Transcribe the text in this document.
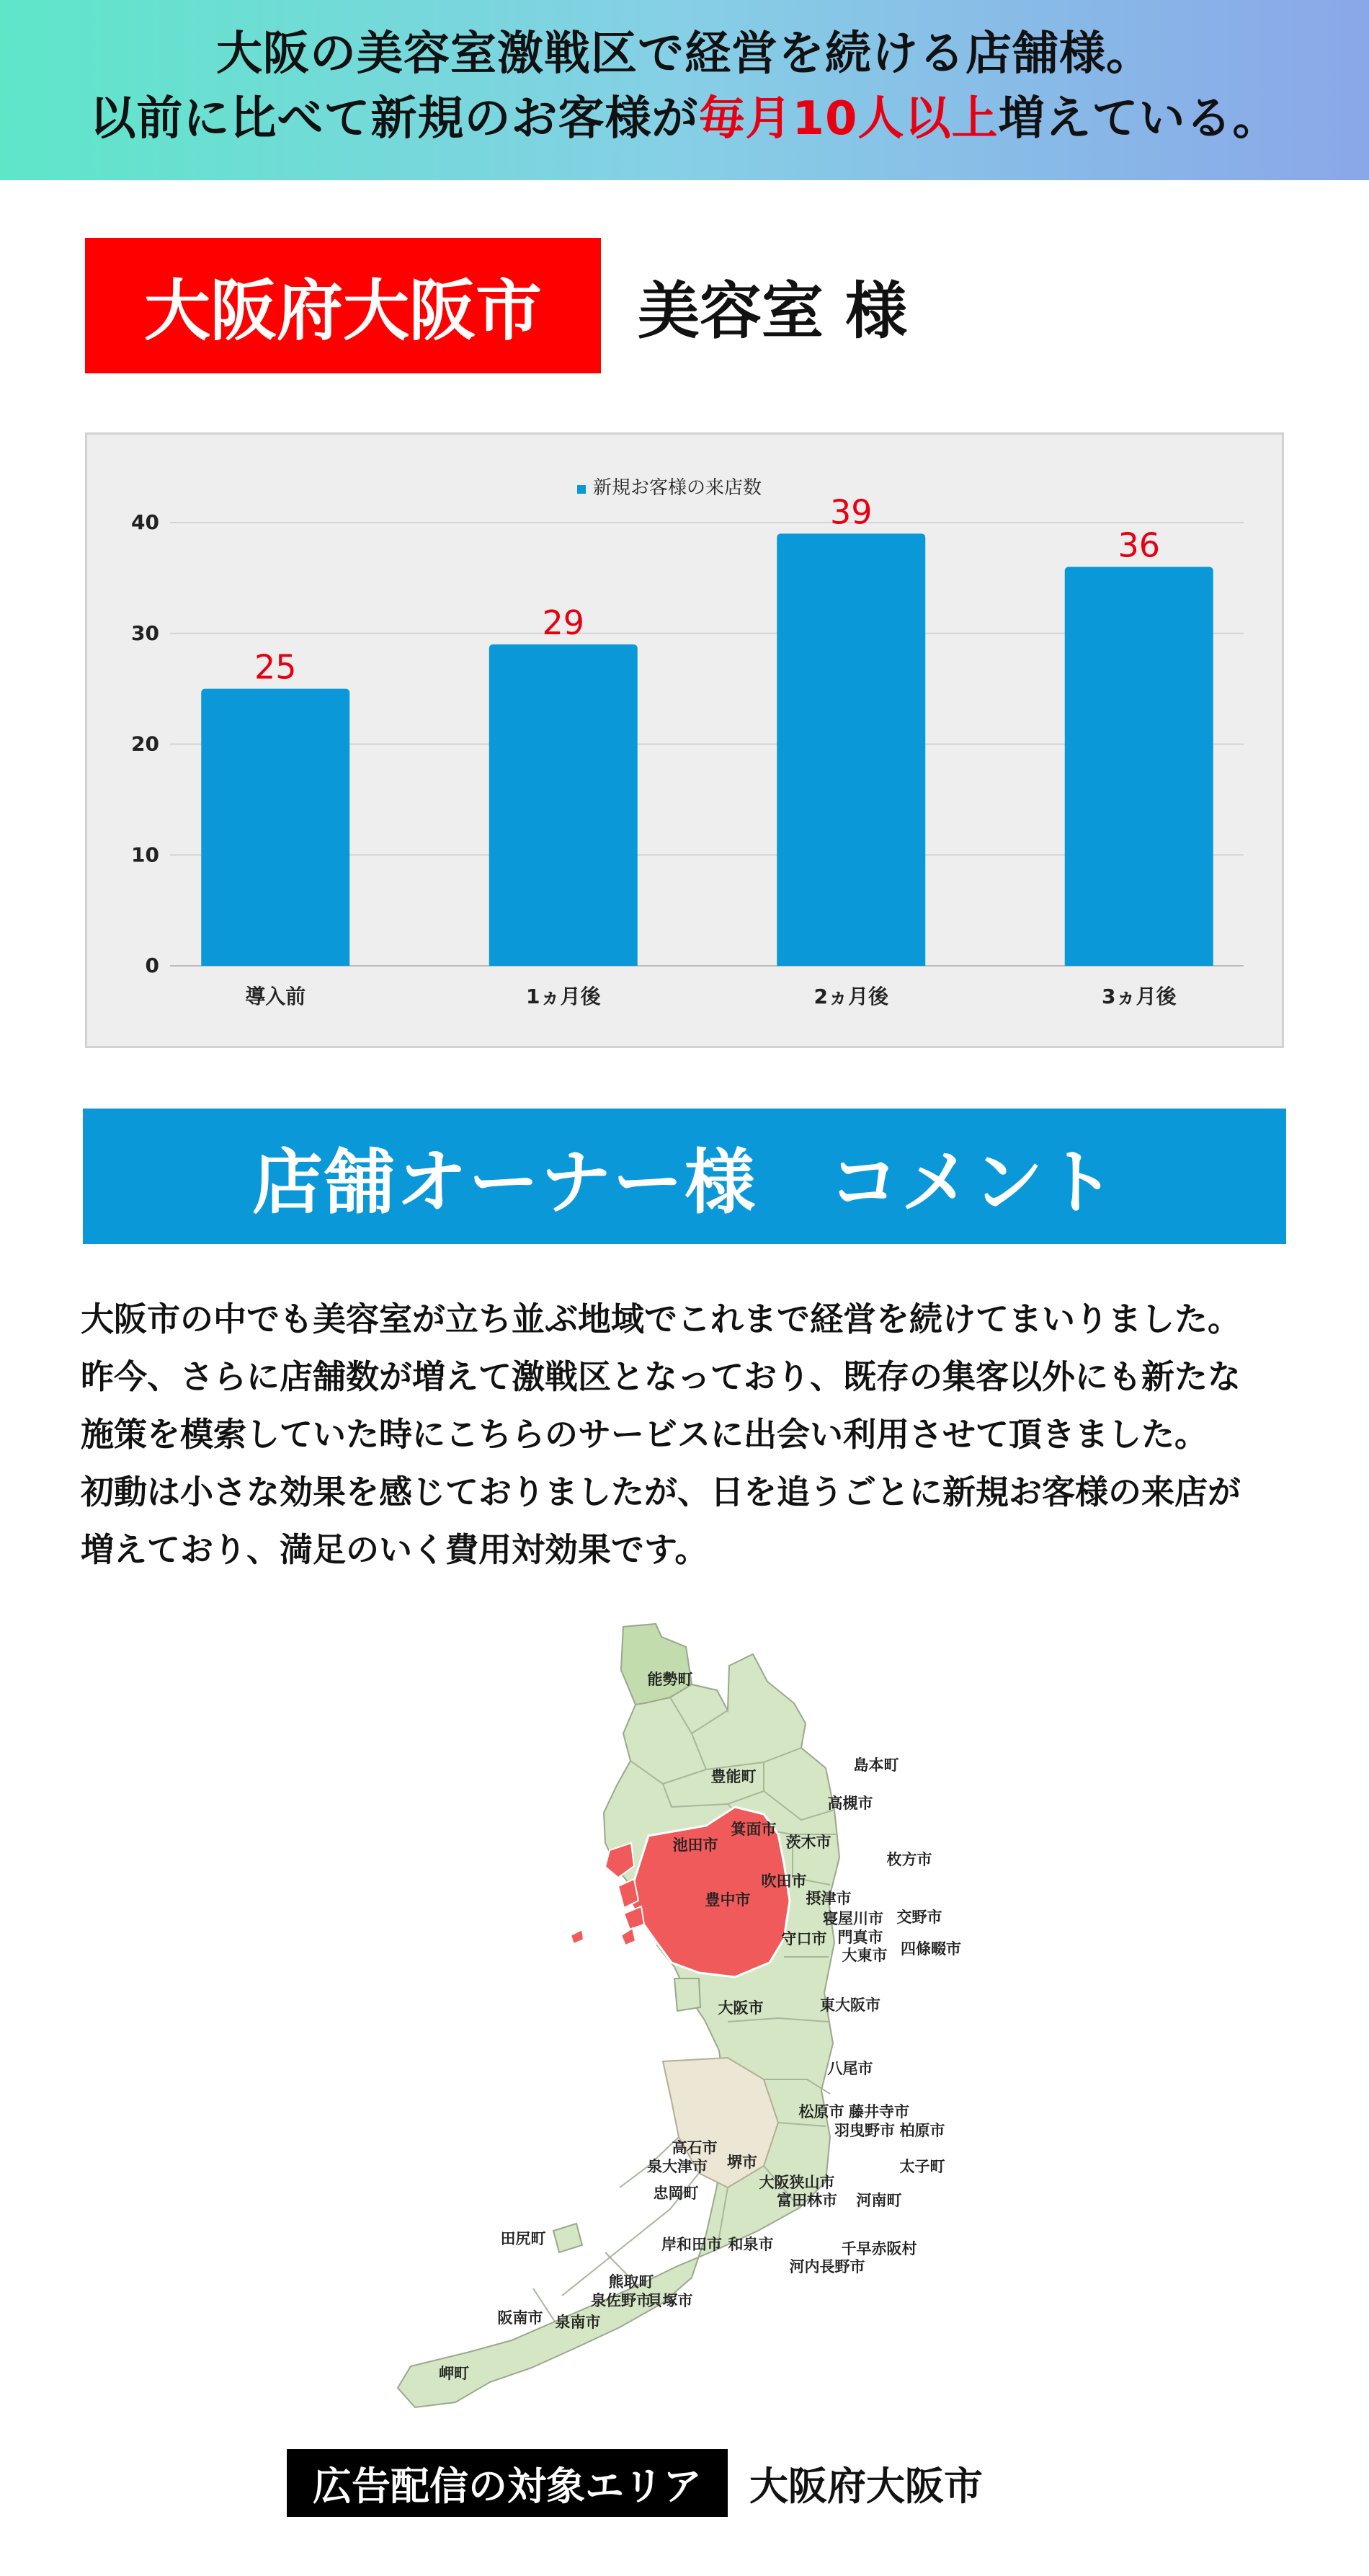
大阪の美容室激戦区で経営を続ける店舗様。
以前に比べて新規のお客様が毎月10人以上増えている。
大阪府大阪市	美容室 様
0
10
20
30
40
新規お客様の来店数
25
導入前
29
1ヵ月後
39
2ヵ月後
36
3ヵ月後
店舗オーナー様　コメント
大阪市の中でも美容室が立ち並ぶ地域でこれまで経営を続けてまいりました。
昨今、さらに店舗数が増えて激戦区となっており、既存の集客以外にも新たな
施策を模索していた時にこちらのサービスに出会い利用させて頂きました。
初動は小さな効果を感じておりましたが、日を追うごとに新規お客様の来店が
増えており、満足のいく費用対効果です。
能勢町
豊能町
島本町
高槻市
箕面市
茨木市
池田市
枚方市
吹田市
摂津市
豊中市
寝屋川市 交野市
守口市 門真市
大東市 四條畷市
大阪市	東大阪市
八尾市
松原市 藤井寺市
羽曳野市 柏原市
高石市
堺市
泉大津市	太子町
大阪狭山市
富田林市 河南町
忠岡町
千早赤阪村
田尻町	岸和田市 和泉市
河内長野市
熊取町
泉佐野市
貝塚市
阪南市 泉南市
岬町
広告配信の対象エリア	大阪府大阪市
